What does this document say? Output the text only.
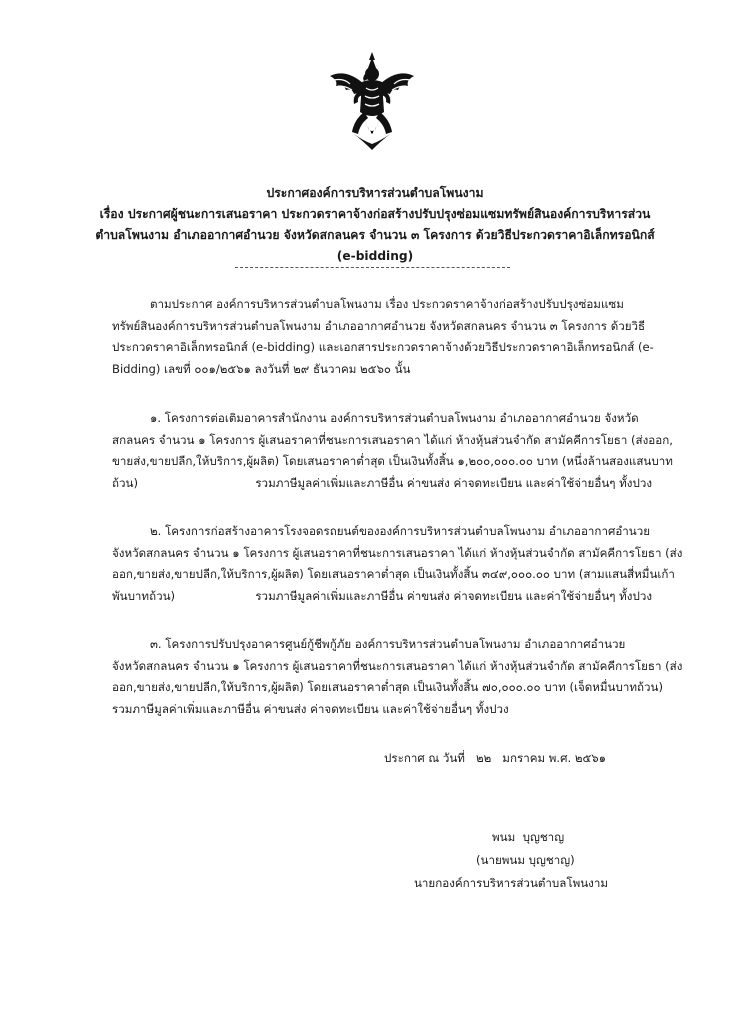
ประกาศองค์การบริหารส่วนตำบลโพนงาม
เรื่อง ประกาศผู้ชนะการเสนอราคา ประกวดราคาจ้างก่อสร้างปรับปรุงซ่อมแซมทรัพย์สินองค์การบริหารส่วน
ตำบลโพนงาม อำเภออากาศอำนวย จังหวัดสกลนคร จำนวน ๓ โครงการ ด้วยวิธีประกวดราคาอิเล็กทรอนิกส์
(e-bidding)
ตามประกาศ องค์การบริหารส่วนตำบลโพนงาม เรื่อง ประกวดราคาจ้างก่อสร้างปรับปรุงซ่อมแซม
ทรัพย์สินองค์การบริหารส่วนตำบลโพนงาม อำเภออากาศอำนวย จังหวัดสกลนคร จำนวน ๓ โครงการ ด้วยวิธี
ประกวดราคาอิเล็กทรอนิกส์ (e-bidding) และเอกสารประกวดราคาจ้างด้วยวิธีประกวดราคาอิเล็กทรอนิกส์ (e-
Bidding) เลขที่ ๐๐๑/๒๕๖๑ ลงวันที่ ๒๙ ธันวาคม ๒๕๖๐ นั้น
๑. โครงการต่อเติมอาคารสำนักงาน องค์การบริหารส่วนตำบลโพนงาม อำเภออากาศอำนวย จังหวัด
สกลนคร จำนวน ๑ โครงการ ผู้เสนอราคาที่ชนะการเสนอราคา ได้แก่ ห้างหุ้นส่วนจำกัด สามัคคีการโยธา (ส่งออก,
ขายส่ง,ขายปลีก,ให้บริการ,ผู้ผลิต) โดยเสนอราคาต่ำสุด เป็นเงินทั้งสิ้น ๑,๒๐๐,๐๐๐.๐๐ บาท (หนึ่งล้านสองแสนบาท
ถ้วน)	รวมภาษีมูลค่าเพิ่มและภาษีอื่น ค่าขนส่ง ค่าจดทะเบียน และค่าใช้จ่ายอื่นๆ ทั้งปวง
๒. โครงการก่อสร้างอาคารโรงจอดรถยนต์ขององค์การบริหารส่วนตำบลโพนงาม อำเภออากาศอำนวย
จังหวัดสกลนคร จำนวน ๑ โครงการ ผู้เสนอราคาที่ชนะการเสนอราคา ได้แก่ ห้างหุ้นส่วนจำกัด สามัคคีการโยธา (ส่ง
ออก,ขายส่ง,ขายปลีก,ให้บริการ,ผู้ผลิต) โดยเสนอราคาต่ำสุด เป็นเงินทั้งสิ้น ๓๔๙,๐๐๐.๐๐ บาท (สามแสนสี่หมื่นเก้า
พันบาทถ้วน)	รวมภาษีมูลค่าเพิ่มและภาษีอื่น ค่าขนส่ง ค่าจดทะเบียน และค่าใช้จ่ายอื่นๆ ทั้งปวง
๓. โครงการปรับปรุงอาคารศูนย์กู้ชีพกู้ภัย องค์การบริหารส่วนตำบลโพนงาม อำเภออากาศอำนวย
จังหวัดสกลนคร จำนวน ๑ โครงการ ผู้เสนอราคาที่ชนะการเสนอราคา ได้แก่ ห้างหุ้นส่วนจำกัด สามัคคีการโยธา (ส่ง
ออก,ขายส่ง,ขายปลีก,ให้บริการ,ผู้ผลิต) โดยเสนอราคาต่ำสุด เป็นเงินทั้งสิ้น ๗๐,๐๐๐.๐๐ บาท (เจ็ดหมื่นบาทถ้วน)
รวมภาษีมูลค่าเพิ่มและภาษีอื่น ค่าขนส่ง ค่าจดทะเบียน และค่าใช้จ่ายอื่นๆ ทั้งปวง
ประกาศ ณ วันที่   ๒๒   มกราคม พ.ศ. ๒๕๖๑
พนม  บุญชาญ
(นายพนม บุญชาญ)
นายกองค์การบริหารส่วนตำบลโพนงาม
